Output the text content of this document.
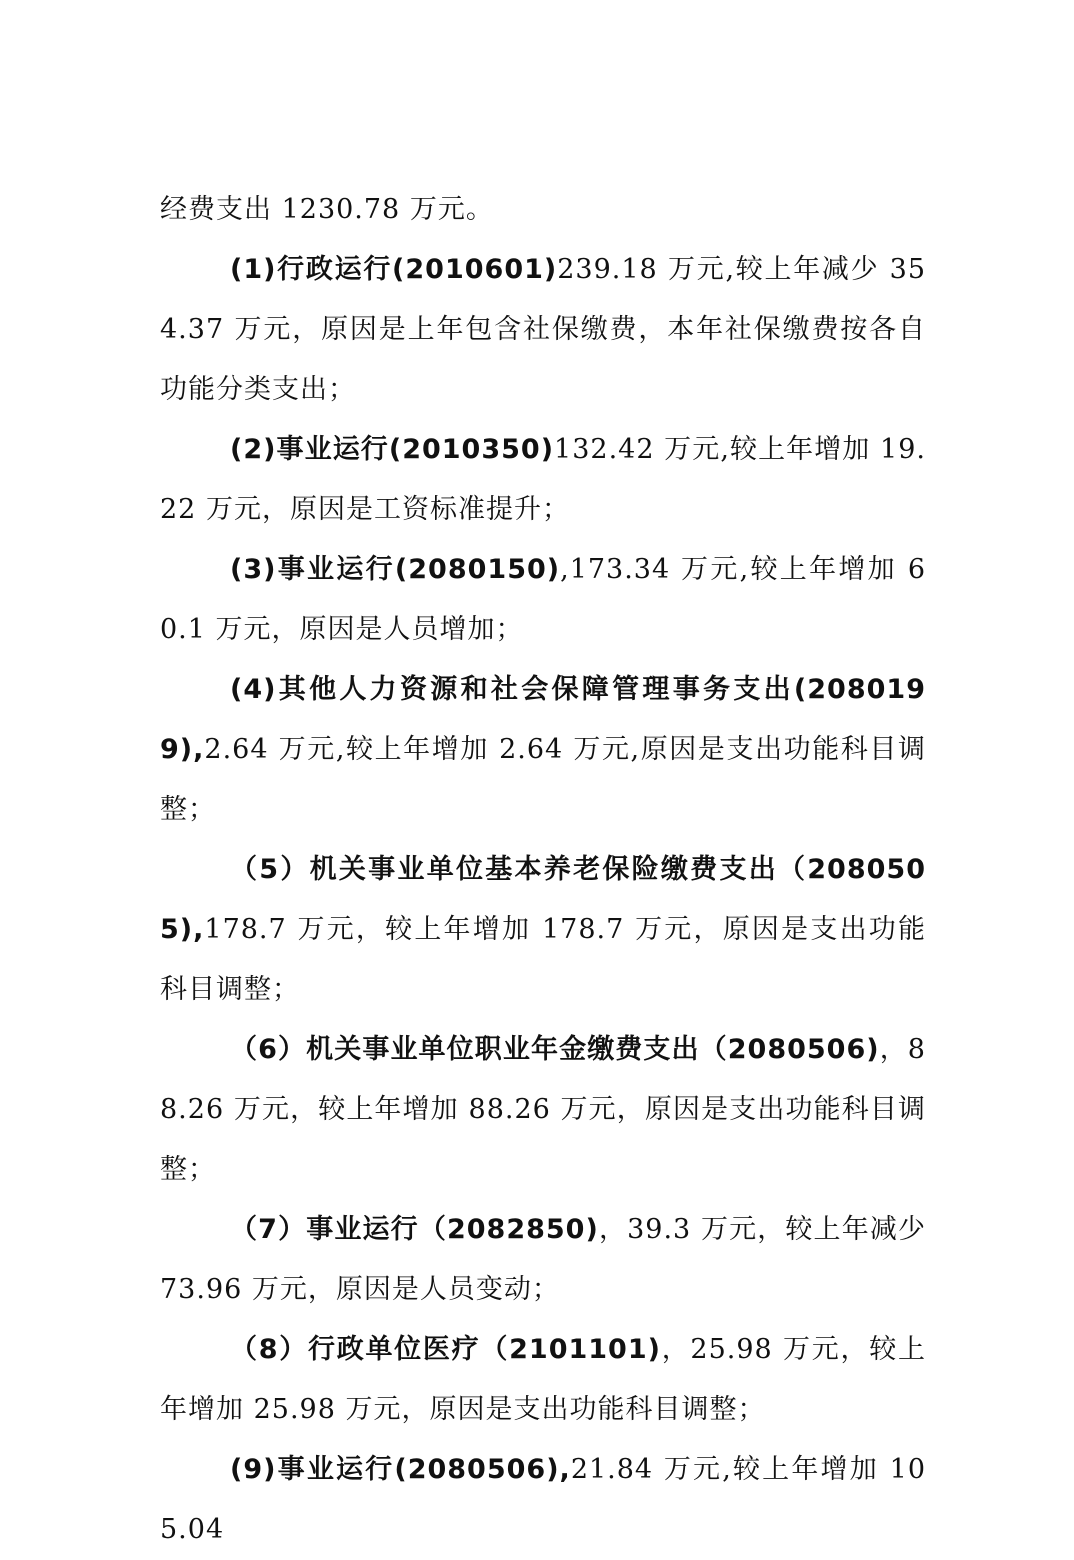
经费支出 1230.78 万元。

(1)行政运行(2010601)239.18 万元,较上年减少 354.37 万元，原因是上年包含社保缴费，本年社保缴费按各自功能分类支出；

(2)事业运行(2010350)132.42 万元,较上年增加 19.22 万元，原因是工资标准提升；

(3)事业运行(2080150),173.34 万元,较上年增加 60.1 万元，原因是人员增加；

(4)其他人力资源和社会保障管理事务支出(2080199),2.64 万元,较上年增加 2.64 万元,原因是支出功能科目调整；

（5）机关事业单位基本养老保险缴费支出（2080505),178.7 万元，较上年增加 178.7 万元，原因是支出功能科目调整；

（6）机关事业单位职业年金缴费支出（2080506)，88.26 万元，较上年增加 88.26 万元，原因是支出功能科目调整；

（7）事业运行（2082850)，39.3 万元，较上年减少 73.96 万元，原因是人员变动；

（8）行政单位医疗（2101101)，25.98 万元，较上年增加 25.98 万元，原因是支出功能科目调整；

(9)事业运行(2080506),21.84 万元,较上年增加 105.04
